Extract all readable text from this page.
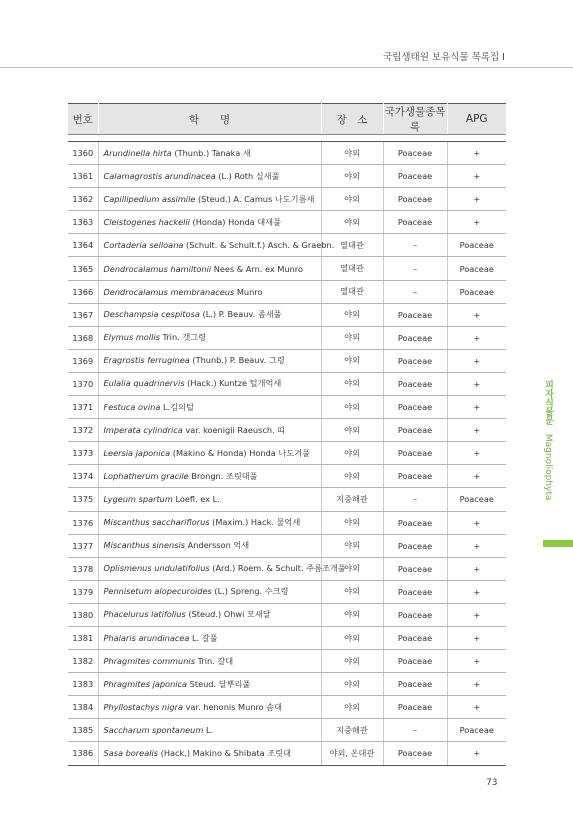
국립생태원 보유식물 목록집 I
번호	학　　명	장　소	국가생물종목록	APG

1360	Arundinella hirta (Thunb.) Tanaka 새	야외	Poaceae	+
1361	Calamagrostis arundinacea (L.) Roth 실새풀	야외	Poaceae	+
1362	Capillipedium assimile (Steud.) A. Camus 나도기름새	야외	Poaceae	+
1363	Cleistogenes hackelii (Honda) Honda 대새풀	야외	Poaceae	+
1364	Cortaderia selloana (Schult. & Schult.f.) Asch. & Graebn.	열대관	–	Poaceae
1365	Dendrocalamus hamiltonii Nees & Arn. ex Munro	열대관	–	Poaceae
1366	Dendrocalamus membranaceus Munro	열대관	–	Poaceae
1367	Deschampsia cespitosa (L.) P. Beauv. 좀새풀	야외	Poaceae	+
1368	Elymus mollis Trin. 갯그령	야외	Poaceae	+
1369	Eragrostis ferruginea (Thunb.) P. Beauv. 그령	야외	Poaceae	+
1370	Eulalia quadrinervis (Hack.) Kuntze 털개억새	야외	Poaceae	+
1371	Festuca ovina L.김의털	야외	Poaceae	+
1372	Imperata cylindrica var. koenigii Raeusch. 띠	야외	Poaceae	+
1373	Leersia japonica (Makino & Honda) Honda 나도겨풀	야외	Poaceae	+
1374	Lophatherum gracile Brongn. 조릿대풀	야외	Poaceae	+
1375	Lygeum spartum Loefl. ex L.	지중해관	–	Poaceae
1376	Miscanthus sacchariflorus (Maxim.) Hack. 물억새	야외	Poaceae	+
1377	Miscanthus sinensis Andersson 억새	야외	Poaceae	+
1378	Oplismenus undulatifolius (Ard.) Roem. & Schult. 주름조개풀	야외	Poaceae	+
1379	Pennisetum alopecuroides (L.) Spreng. 수크령	야외	Poaceae	+
1380	Phacelurus latifolius (Steud.) Ohwi 모새달	야외	Poaceae	+
1381	Phalaris arundinacea L. 갈풀	야외	Poaceae	+
1382	Phragmites communis Trin. 갈대	야외	Poaceae	+
1383	Phragmites japonica Steud. 달뿌리풀	야외	Poaceae	+
1384	Phyllostachys nigra var. henonis Munro 솜대	야외	Poaceae	+
1385	Saccharum spontaneum L.	지중해관	–	Poaceae
1386	Sasa borealis (Hack.) Makino & Shibata 조릿대	야외, 온대관	Poaceae	+
피자식물문 Magnoliophyta
73
